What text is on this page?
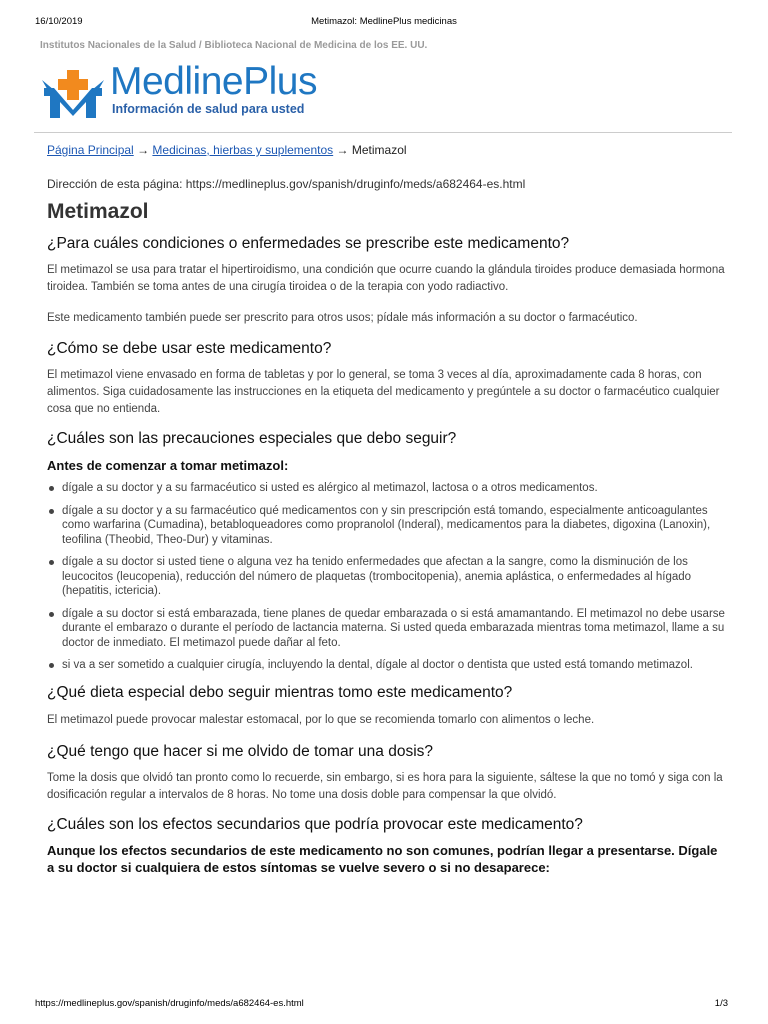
16/10/2019	Metimazol: MedlinePlus medicinas
Institutos Nacionales de la Salud / Biblioteca Nacional de Medicina de los EE. UU.
MedlinePlus
Información de salud para usted
Página Principal → Medicinas, hierbas y suplementos → Metimazol
Dirección de esta página: https://medlineplus.gov/spanish/druginfo/meds/a682464-es.html
Metimazol
¿Para cuáles condiciones o enfermedades se prescribe este medicamento?

El metimazol se usa para tratar el hipertiroidismo, una condición que ocurre cuando la glándula tiroides produce demasiada hormona tiroidea. También se toma antes de una cirugía tiroidea o de la terapia con yodo radiactivo.

Este medicamento también puede ser prescrito para otros usos; pídale más información a su doctor o farmacéutico.

¿Cómo se debe usar este medicamento?

El metimazol viene envasado en forma de tabletas y por lo general, se toma 3 veces al día, aproximadamente cada 8 horas, con alimentos. Siga cuidadosamente las instrucciones en la etiqueta del medicamento y pregúntele a su doctor o farmacéutico cualquier cosa que no entienda.

¿Cuáles son las precauciones especiales que debo seguir?
Antes de comenzar a tomar metimazol:
dígale a su doctor y a su farmacéutico si usted es alérgico al metimazol, lactosa o a otros medicamentos.
dígale a su doctor y a su farmacéutico qué medicamentos con y sin prescripción está tomando, especialmente anticoagulantes como warfarina (Cumadina), betabloqueadores como propranolol (Inderal), medicamentos para la diabetes, digoxina (Lanoxin), teofilina (Theobid, Theo-Dur) y vitaminas.
dígale a su doctor si usted tiene o alguna vez ha tenido enfermedades que afectan a la sangre, como la disminución de los leucocitos (leucopenia), reducción del número de plaquetas (trombocitopenia), anemia aplástica, o enfermedades al hígado (hepatitis, ictericia).
dígale a su doctor si está embarazada, tiene planes de quedar embarazada o si está amamantando. El metimazol no debe usarse durante el embarazo o durante el período de lactancia materna. Si usted queda embarazada mientras toma metimazol, llame a su doctor de inmediato. El metimazol puede dañar al feto.
si va a ser sometido a cualquier cirugía, incluyendo la dental, dígale al doctor o dentista que usted está tomando metimazol.
¿Qué dieta especial debo seguir mientras tomo este medicamento?

El metimazol puede provocar malestar estomacal, por lo que se recomienda tomarlo con alimentos o leche.

¿Qué tengo que hacer si me olvido de tomar una dosis?

Tome la dosis que olvidó tan pronto como lo recuerde, sin embargo, si es hora para la siguiente, sáltese la que no tomó y siga con la dosificación regular a intervalos de 8 horas. No tome una dosis doble para compensar la que olvidó.

¿Cuáles son los efectos secundarios que podría provocar este medicamento?
Aunque los efectos secundarios de este medicamento no son comunes, podrían llegar a presentarse. Dígale a su doctor si cualquiera de estos síntomas se vuelve severo o si no desaparece:
https://medlineplus.gov/spanish/druginfo/meds/a682464-es.html	1/3
